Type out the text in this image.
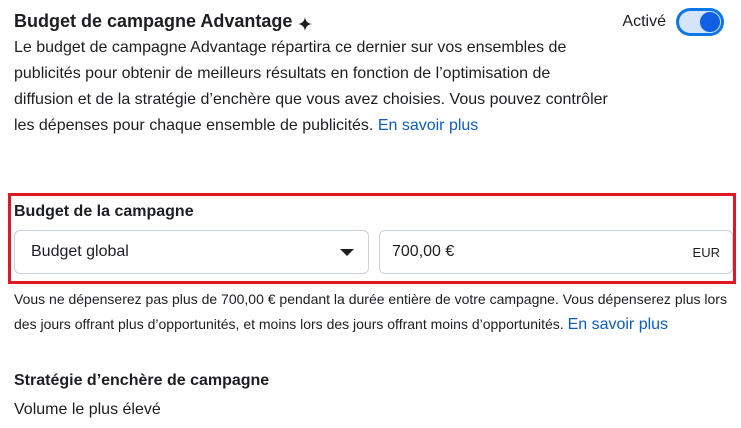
Budget de campagne Advantage
Le budget de campagne Advantage répartira ce dernier sur vos ensembles de publicités pour obtenir de meilleurs résultats en fonction de l’optimisation de diffusion et de la stratégie d’enchère que vous avez choisies. Vous pouvez contrôler les dépenses pour chaque ensemble de publicités. En savoir plus
Activé
Budget de la campagne
Budget global
700,00 €	EUR
Vous ne dépenserez pas plus de 700,00 € pendant la durée entière de votre campagne. Vous dépenserez plus lors des jours offrant plus d’opportunités, et moins lors des jours offrant moins d’opportunités. En savoir plus
Stratégie d’enchère de campagne
Volume le plus élevé
